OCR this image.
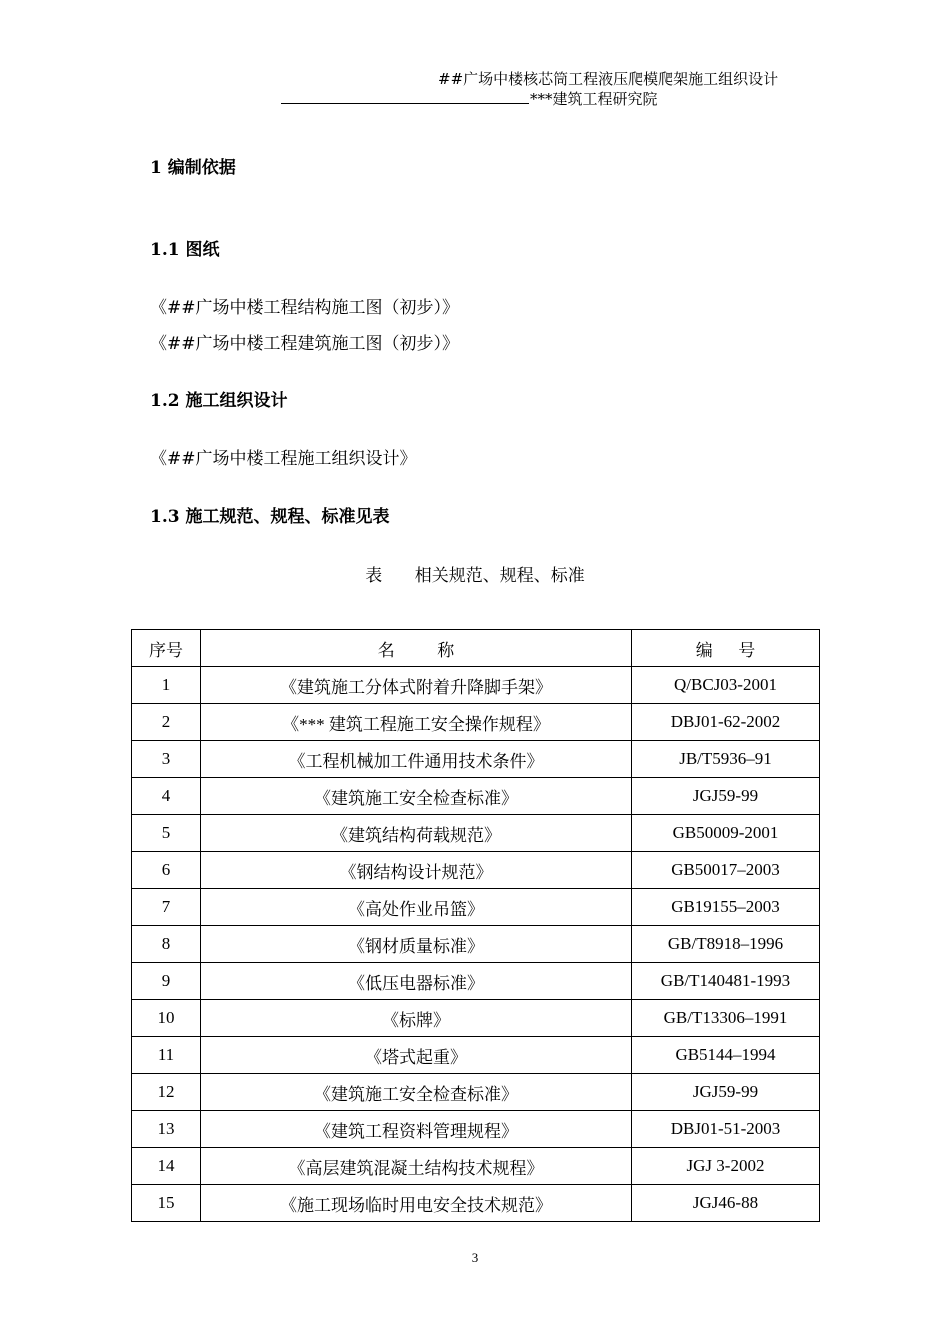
##广场中楼核芯筒工程液压爬模爬架施工组织设计
***建筑工程研究院
1 编制依据
1.1 图纸
《##广场中楼工程结构施工图（初步）》
《##广场中楼工程建筑施工图（初步）》
1.2 施工组织设计
《##广场中楼工程施工组织设计》
1.3 施工规范、规程、标准见表
表      相关规范、规程、标准
序号	名          称	编      号
1	《建筑施工分体式附着升降脚手架》	Q/BCJ03-2001
2	《*** 建筑工程施工安全操作规程》	DBJ01-62-2002
3	《工程机械加工件通用技术条件》	JB/T5936–91
4	《建筑施工安全检查标准》	JGJ59-99
5	《建筑结构荷载规范》	GB50009-2001
6	《钢结构设计规范》	GB50017–2003
7	《高处作业吊篮》	GB19155–2003
8	《钢材质量标准》	GB/T8918–1996
9	《低压电器标准》	GB/T140481-1993
10	《标牌》	GB/T13306–1991
11	《塔式起重》	GB5144–1994
12	《建筑施工安全检查标准》	JGJ59-99
13	《建筑工程资料管理规程》	DBJ01-51-2003
14	《高层建筑混凝土结构技术规程》	JGJ 3-2002
15	《施工现场临时用电安全技术规范》	JGJ46-88
3
